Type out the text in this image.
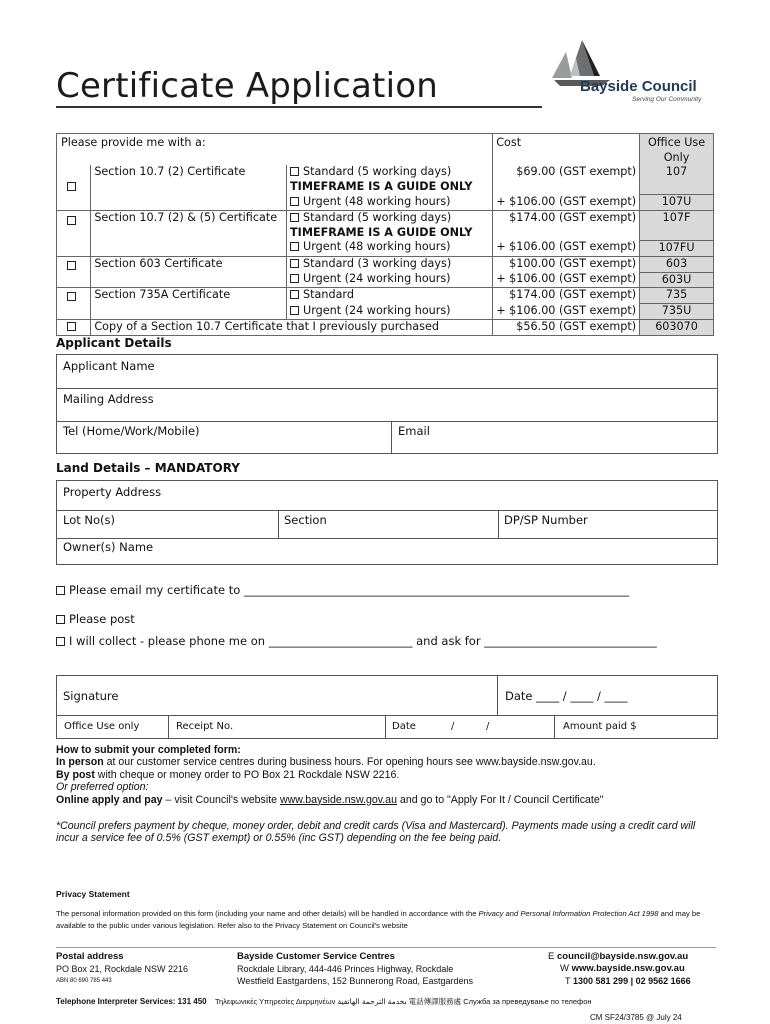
Certificate Application	Bayside Council
Serving Our Community
Please provide me with a:			Cost	Office Use Only
	Section 10.7 (2) Certificate	Standard (5 working days)	$69.00 (GST exempt)	107
		TIMEFRAME IS A GUIDE ONLY		
		Urgent (48 working hours)	+ $106.00 (GST exempt)	107U
	Section 10.7 (2) & (5) Certificate	Standard (5 working days)	$174.00 (GST exempt)	107F
		TIMEFRAME IS A GUIDE ONLY		
		Urgent (48 working hours)	+ $106.00 (GST exempt)	107FU
	Section 603 Certificate	Standard (3 working days)	$100.00 (GST exempt)	603
		Urgent (24 working hours)	+ $106.00 (GST exempt)	603U
	Section 735A Certificate	Standard	$174.00 (GST exempt)	735
		Urgent (24 working hours)	+ $106.00 (GST exempt)	735U
	Copy of a Section 10.7 Certificate that I previously purchased		$56.50 (GST exempt)	603070
Applicant Details
Applicant Name
Mailing Address
Tel (Home/Work/Mobile)	Email
Land Details – MANDATORY
Property Address
Lot No(s)	Section	DP/SP Number
Owner(s) Name
Please email my certificate to ___________________________________________________________________
Please post
I will collect - please phone me on _________________________ and ask for ______________________________
Signature	Date ____ / ____ / ____
Office Use only	Receipt No.	Date	/	/	Amount paid $
How to submit your completed form:
In person at our customer service centres during business hours. For opening hours see www.bayside.nsw.gov.au.
By post with cheque or money order to PO Box 21 Rockdale NSW 2216.
Or preferred option:
Online apply and pay – visit Council's website www.bayside.nsw.gov.au and go to "Apply For It / Council Certificate"
*Council prefers payment by cheque, money order, debit and credit cards (Visa and Mastercard). Payments made using a credit card will incur a service fee of 0.5% (GST exempt) or 0.55% (inc GST) depending on the fee being paid.
Privacy Statement
The personal information provided on this form (including your name and other details) will be handled in accordance with the Privacy and Personal Information Protection Act 1998 and may be available to the public under various legislation. Refer also to the Privacy Statement on Council's website
Postal address
PO Box 21, Rockdale NSW 2216
ABN 80 690 785 443
Bayside Customer Service Centres
Rockdale Library, 444-446 Princes Highway, Rockdale
Westfield Eastgardens, 152 Bunnerong Road, Eastgardens
E council@bayside.nsw.gov.au
W www.bayside.nsw.gov.au
T 1300 581 299 | 02 9562 1666
Telephone Interpreter Services: 131 450 Τηλεφωνικές Υπηρεσίες Διερμηνέων بخدمة الترجمة الهاتفية 電話傳譯服務處 Служба за преведување по телефон
CM SF24/3785 @ July 24
